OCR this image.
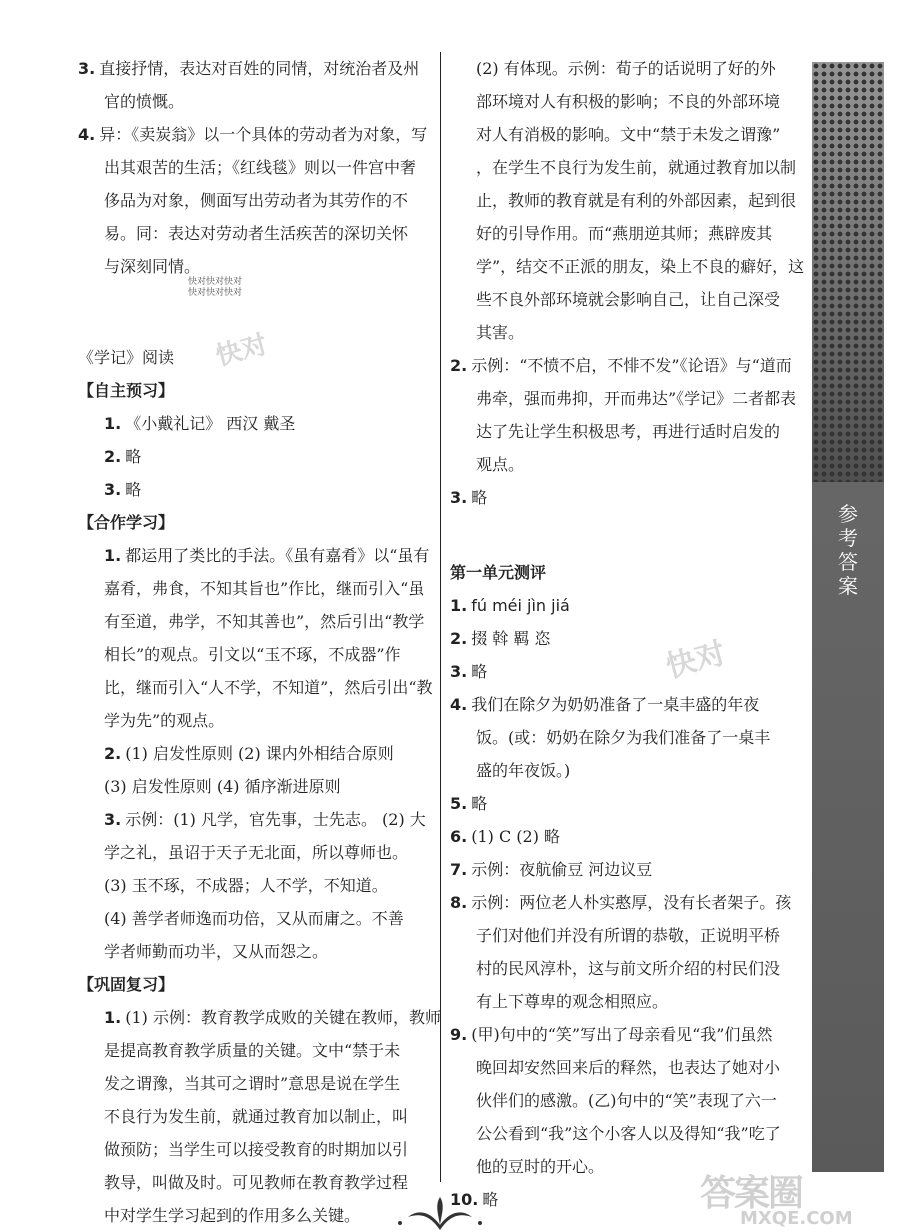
参
考
答
案
3. 直接抒情，表达对百姓的同情，对统治者及州
官的愤慨。
4. 异：《卖炭翁》以一个具体的劳动者为对象，写
出其艰苦的生活；《红线毯》则以一件宫中奢
侈品为对象，侧面写出劳动者为其劳作的不
易。同：表达对劳动者生活疾苦的深切关怀
与深刻同情。
快对快对快对
快对快对快对
《学记》阅读
【自主预习】
1. 《小戴礼记》 西汉 戴圣
2. 略
3. 略
【合作学习】
1. 都运用了类比的手法。《虽有嘉肴》以“虽有
嘉肴，弗食，不知其旨也”作比，继而引入“虽
有至道，弗学，不知其善也”，然后引出“教学
相长”的观点。引文以“玉不琢，不成器”作
比，继而引入“人不学，不知道”，然后引出“教
学为先”的观点。
2. (1) 启发性原则 (2) 课内外相结合原则
(3) 启发性原则 (4) 循序渐进原则
3. 示例：(1) 凡学，官先事，士先志。 (2) 大
学之礼，虽诏于天子无北面，所以尊师也。
(3) 玉不琢，不成器；人不学，不知道。
(4) 善学者师逸而功倍，又从而庸之。不善
学者师勤而功半，又从而怨之。
【巩固复习】
1. (1) 示例：教育教学成败的关键在教师，教师
是提高教育教学质量的关键。文中“禁于未
发之谓豫，当其可之谓时”意思是说在学生
不良行为发生前，就通过教育加以制止，叫
做预防；当学生可以接受教育的时期加以引
教导，叫做及时。可见教师在教育教学过程
中对学生学习起到的作用多么关键。
(2) 有体现。示例：荀子的话说明了好的外
部环境对人有积极的影响；不良的外部环境
对人有消极的影响。文中“禁于未发之谓豫”
，在学生不良行为发生前，就通过教育加以制
止，教师的教育就是有利的外部因素，起到很
好的引导作用。而“燕朋逆其师；燕辟废其
学”，结交不正派的朋友，染上不良的癖好，这
些不良外部环境就会影响自己，让自己深受
其害。
2. 示例：“不愤不启，不悱不发”《论语》与“道而
弗牵，强而弗抑，开而弗达”《学记》二者都表
达了先让学生积极思考，再进行适时启发的
观点。
3. 略
第一单元测评
1. fú méi jìn jiá
2. 掇 斡 羁 恣
3. 略
4. 我们在除夕为奶奶准备了一桌丰盛的年夜
饭。(或：奶奶在除夕为我们准备了一桌丰
盛的年夜饭。)
5. 略
6. (1) C (2) 略
7. 示例：夜航偷豆 河边议豆
8. 示例：两位老人朴实憨厚，没有长者架子。孩
子们对他们并没有所谓的恭敬，正说明平桥
村的民风淳朴，这与前文所介绍的村民们没
有上下尊卑的观念相照应。
9. (甲)句中的“笑”写出了母亲看见“我”们虽然
晚回却安然回来后的释然，也表达了她对小
伙伴们的感激。(乙)句中的“笑”表现了六一
公公看到“我”这个小客人以及得知“我”吃了
他的豆时的开心。
10. 略
快对
快对
答案圈
MXQE.COM
